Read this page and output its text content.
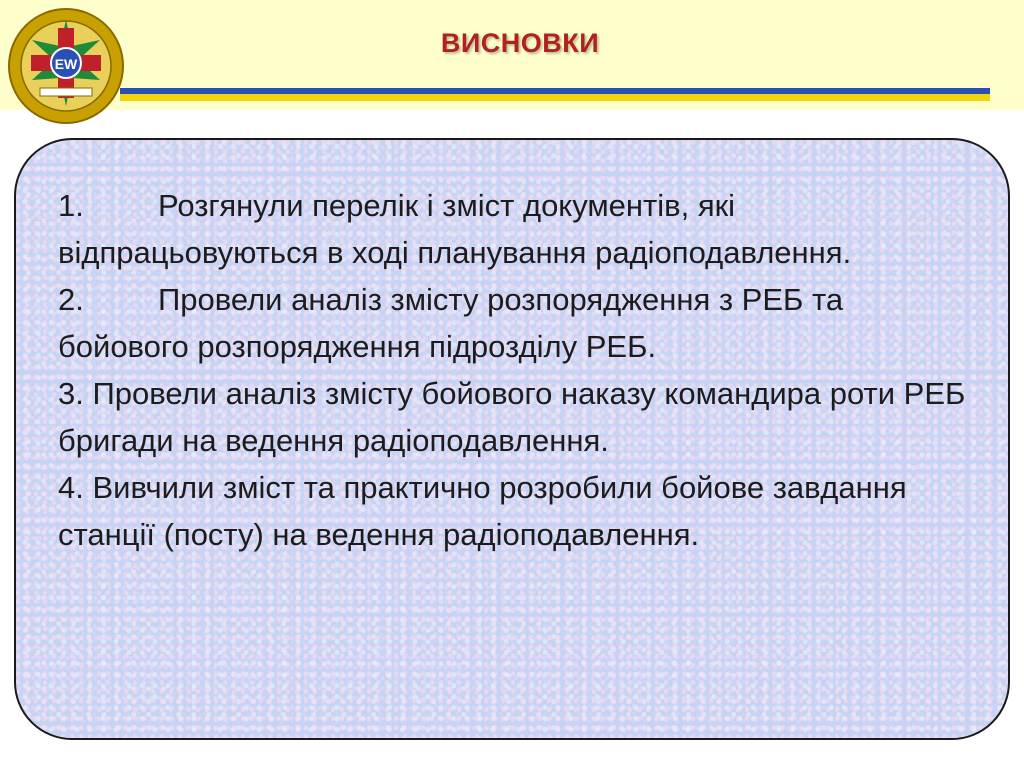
ЕW
ВИСНОВКИ
1. Розгянули перелік і зміст документів, які відпрацьовуються в ході планування радіоподавлення.
2. Провели аналіз змісту розпорядження з РЕБ та бойового розпорядження підрозділу РЕБ.
3. Провели аналіз змісту бойового наказу командира роти РЕБ бригади на ведення радіоподавлення.
4. Вивчили зміст та практично розробили бойове завдання станції (посту) на ведення радіоподавлення.
